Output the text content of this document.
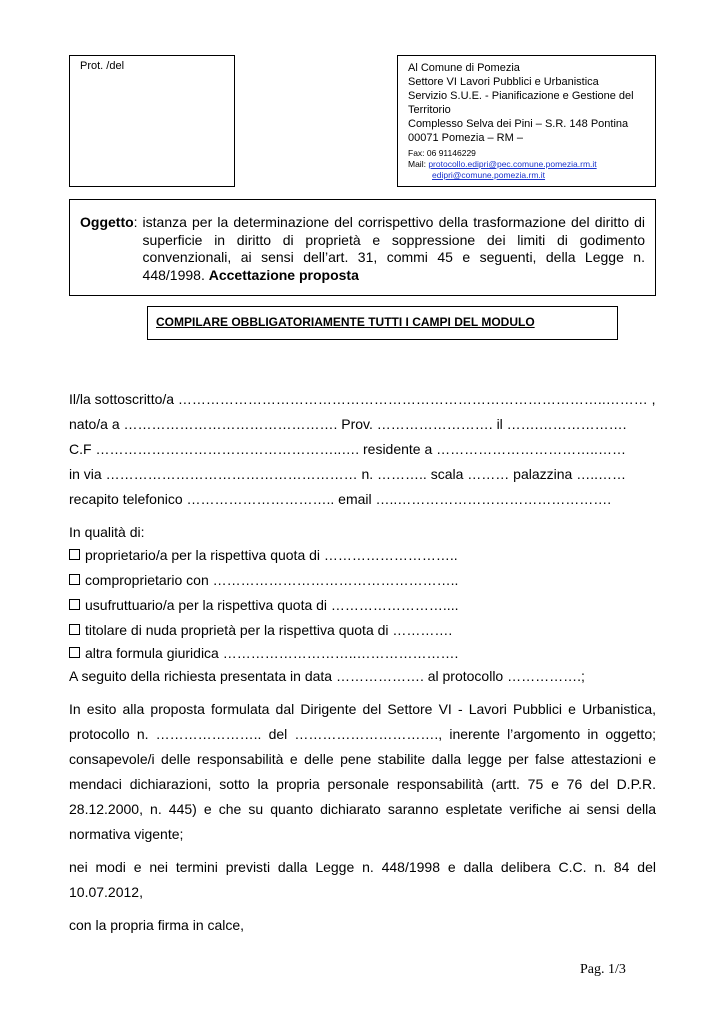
Prot. /del	Al Comune di Pomezia
Settore VI Lavori Pubblici e Urbanistica
Servizio S.U.E. - Pianificazione e Gestione del
Territorio
Complesso Selva dei Pini – S.R. 148 Pontina
00071 Pomezia – RM –
Fax: 06 91146229
Mail: protocollo.edipri@pec.comune.pomezia.rm.it
edipri@comune.pomezia.rm.it
Oggetto : istanza per la determinazione del corrispettivo della trasformazione del diritto di superficie in diritto di proprietà e soppressione dei limiti di godimento convenzionali, ai sensi dell’art. 31, commi 45 e seguenti, della Legge n. 448/1998. Accettazione proposta
COMPILARE OBBLIGATORIAMENTE TUTTI I CAMPI DEL MODULO
Il/la sottoscritto/a ………………………………………………………………………………..……… ,
nato/a a ………………………………………. Prov. ……………………. il …….……………….
C.F ……………………………………………..…. residente a ……………………………..……
in via ……………………………………………… n. ……….. scala ……… palazzina …..……
recapito telefonico ………………………….. email …..……………………………………….
In qualità di:
proprietario/a per la rispettiva quota di ………………………..
comproprietario con ……………………………………………..
usufruttuario/a per la rispettiva quota di ……………………....
titolare di nuda proprietà per la rispettiva quota di ………….
altra formula giuridica ………………………..………………….
A seguito della richiesta presentata in data ………………. al protocollo …………….;
In esito alla proposta formulata dal Dirigente del Settore VI - Lavori Pubblici e Urbanistica,
protocollo n. ………………….. del …………………………., inerente l’argomento in oggetto;
consapevole/i delle responsabilità e delle pene stabilite dalla legge per false attestazioni e
mendaci dichiarazioni, sotto la propria personale responsabilità (artt. 75 e 76 del D.P.R.
28.12.2000, n. 445) e che su quanto dichiarato saranno espletate verifiche ai sensi della
normativa vigente;
nei modi e nei termini previsti dalla Legge n. 448/1998 e dalla delibera C.C. n. 84 del
10.07.2012,
con la propria firma in calce,
Pag. 1/3
